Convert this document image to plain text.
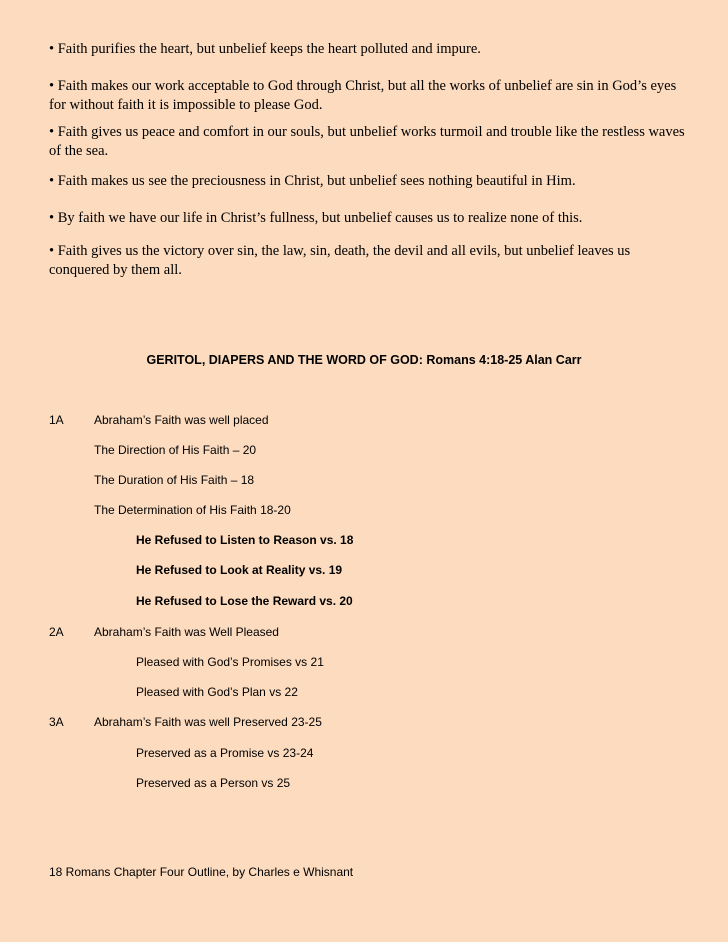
• Faith purifies the heart, but unbelief keeps the heart polluted and impure.

• Faith makes our work acceptable to God through Christ, but all the works of unbelief are sin in God’s eyes for without faith it is impossible to please God.

• Faith gives us peace and comfort in our souls, but unbelief works turmoil and trouble like the restless waves of the sea.

• Faith makes us see the preciousness in Christ, but unbelief sees nothing beautiful in Him.

• By faith we have our life in Christ’s fullness, but unbelief causes us to realize none of this.

• Faith gives us the victory over sin, the law, sin, death, the devil and all evils, but unbelief leaves us conquered by them all.

GERITOL, DIAPERS AND THE WORD OF GOD: Romans 4:18-25 Alan Carr
1A	Abraham’s Faith was well placed
The Direction of His Faith – 20
The Duration of His Faith – 18
The Determination of His Faith 18-20
He Refused to Listen to Reason vs. 18
He Refused to Look at Reality vs. 19
He Refused to Lose the Reward vs. 20
2A	Abraham’s Faith was Well Pleased
Pleased with God’s Promises vs 21
Pleased with God’s Plan vs 22
3A	Abraham’s Faith was well Preserved 23-25
Preserved as a Promise vs 23-24
Preserved as a Person vs 25
18 Romans Chapter Four Outline, by Charles e Whisnant
